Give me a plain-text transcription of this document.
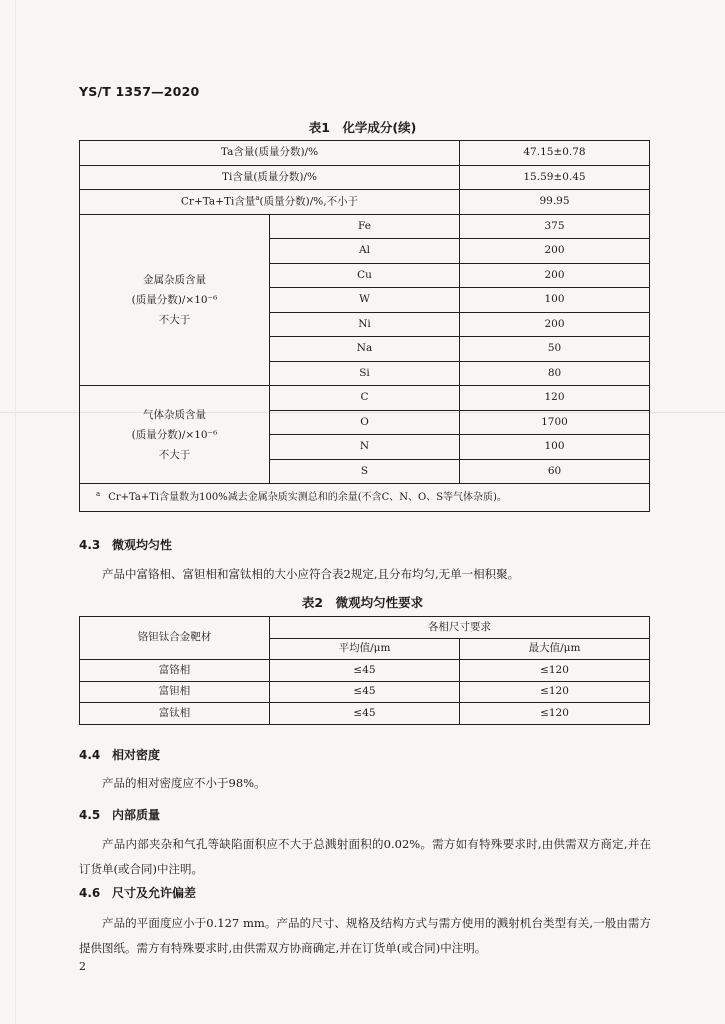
YS/T 1357—2020
表1　化学成分(续)
Ta含量(质量分数)/%		47.15±0.78
Ti含量(质量分数)/%		15.59±0.45
Cr+Ta+Ti含量$^a$(质量分数)/%,不小于		99.95

金属杂质含量
(质量分数)/×10⁻⁶
不大于	Fe	375
	Al	200
	Cu	200
	W	100
	Ni	200
	Na	50
	Si	80

气体杂质含量
(质量分数)/×10⁻⁶
不大于	C	120
	O	1700
	N	100
	S	60
$^a$ Cr+Ta+Ti含量数为100%减去金属杂质实测总和的余量(不含C、N、O、S等气体杂质)。		
4.3 微观均匀性
产品中富铬相、富钽相和富钛相的大小应符合表2规定,且分布均匀,无单一相积聚。
表2　微观均匀性要求
铬钽钛合金靶材	各相尺寸要求	
	平均值/μm	最大值/μm
富铬相	≤45	≤120
富钽相	≤45	≤120
富钛相	≤45	≤120
4.4 相对密度
产品的相对密度应不小于98%。
4.5 内部质量
产品内部夹杂和气孔等缺陷面积应不大于总溅射面积的0.02%。需方如有特殊要求时,由供需双方商定,并在订货单(或合同)中注明。
4.6 尺寸及允许偏差
产品的平面度应小于0.127 mm。产品的尺寸、规格及结构方式与需方使用的溅射机台类型有关,一般由需方提供图纸。需方有特殊要求时,由供需双方协商确定,并在订货单(或合同)中注明。
2
